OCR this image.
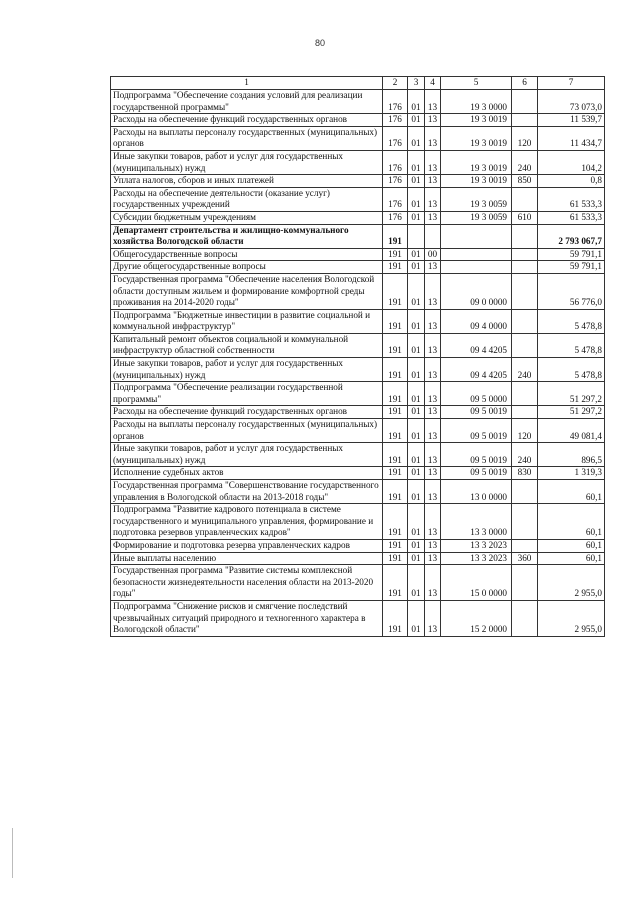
80
1	2	3	4	5	6	7
Подпрограмма "Обеспечение создания условий для реализации государственной программы"	176	01	13	19 3 0000		73 073,0
Расходы на обеспечение функций государственных органов	176	01	13	19 3 0019		11 539,7
Расходы на выплаты персоналу государственных (муниципальных) органов	176	01	13	19 3 0019	120	11 434,7
Иные закупки товаров, работ и услуг для государственных (муниципальных) нужд	176	01	13	19 3 0019	240	104,2
Уплата налогов, сборов и иных платежей	176	01	13	19 3 0019	850	0,8
Расходы на обеспечение деятельности (оказание услуг) государственных учреждений	176	01	13	19 3 0059		61 533,3
Субсидии бюджетным учреждениям	176	01	13	19 3 0059	610	61 533,3
Департамент строительства и жилищно-коммунального хозяйства Вологодской области	191					2 793 067,7
Общегосударственные вопросы	191	01	00			59 791,1
Другие общегосударственные вопросы	191	01	13			59 791,1
Государственная программа "Обеспечение населения Вологодской области доступным жильем и формирование комфортной среды проживания на 2014-2020 годы"	191	01	13	09 0 0000		56 776,0
Подпрограмма "Бюджетные инвестиции в развитие социальной и коммунальной инфраструктур"	191	01	13	09 4 0000		5 478,8
Капитальный ремонт объектов социальной и коммунальной инфраструктур областной собственности	191	01	13	09 4 4205		5 478,8
Иные закупки товаров, работ и услуг для государственных (муниципальных) нужд	191	01	13	09 4 4205	240	5 478,8
Подпрограмма "Обеспечение реализации государственной программы"	191	01	13	09 5 0000		51 297,2
Расходы на обеспечение функций государственных органов	191	01	13	09 5 0019		51 297,2
Расходы на выплаты персоналу государственных (муниципальных) органов	191	01	13	09 5 0019	120	49 081,4
Иные закупки товаров, работ и услуг для государственных (муниципальных) нужд	191	01	13	09 5 0019	240	896,5
Исполнение судебных актов	191	01	13	09 5 0019	830	1 319,3
Государственная программа "Совершенствование государственного управления в Вологодской области на 2013-2018 годы"	191	01	13	13 0 0000		60,1
Подпрограмма "Развитие кадрового потенциала в системе государственного и муниципального управления, формирование и подготовка резервов управленческих кадров"	191	01	13	13 3 0000		60,1
Формирование и подготовка резерва управленческих кадров	191	01	13	13 3 2023		60,1
Иные выплаты населению	191	01	13	13 3 2023	360	60,1
Государственная программа "Развитие системы комплексной безопасности жизнедеятельности населения области на 2013-2020 годы"	191	01	13	15 0 0000		2 955,0
Подпрограмма "Снижение рисков и смягчение последствий чрезвычайных ситуаций природного и техногенного характера в Вологодской области"	191	01	13	15 2 0000		2 955,0
